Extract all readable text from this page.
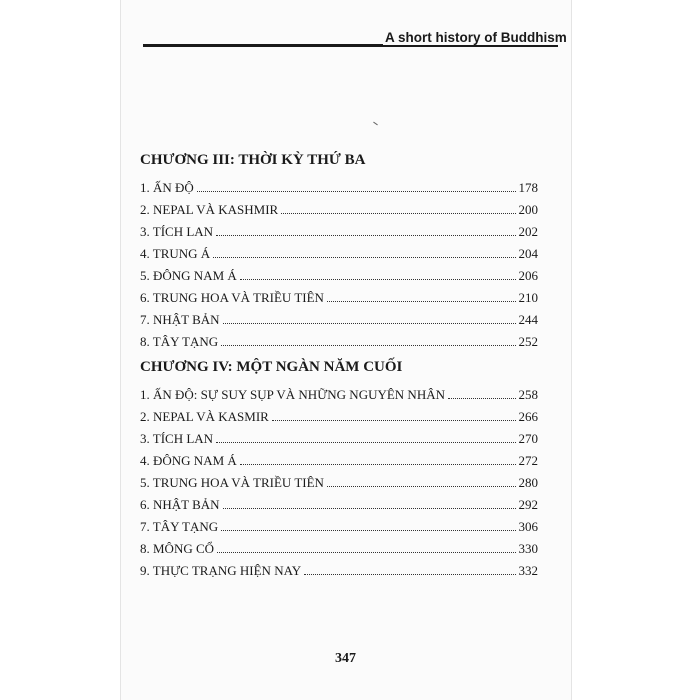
A short history of Buddhism
CHƯƠNG III: THỜI KỲ THỨ BA
1. ẤN ĐỘ	178
2. NEPAL VÀ KASHMIR	200
3. TÍCH LAN	202
4. TRUNG Á	204
5. ĐÔNG NAM Á	206
6. TRUNG HOA VÀ TRIỀU TIÊN	210
7. NHẬT BẢN	244
8. TÂY TẠNG	252
CHƯƠNG IV: MỘT NGÀN NĂM CUỐI
1. ẤN ĐỘ: SỰ SUY SỤP VÀ NHỮNG NGUYÊN NHÂN	258
2. NEPAL VÀ KASMIR	266
3. TÍCH LAN	270
4. ĐÔNG NAM Á	272
5. TRUNG HOA VÀ TRIỀU TIÊN	280
6. NHẬT BẢN	292
7. TÂY TẠNG	306
8. MÔNG CỔ	330
9. THỰC TRẠNG HIỆN NAY	332
347
